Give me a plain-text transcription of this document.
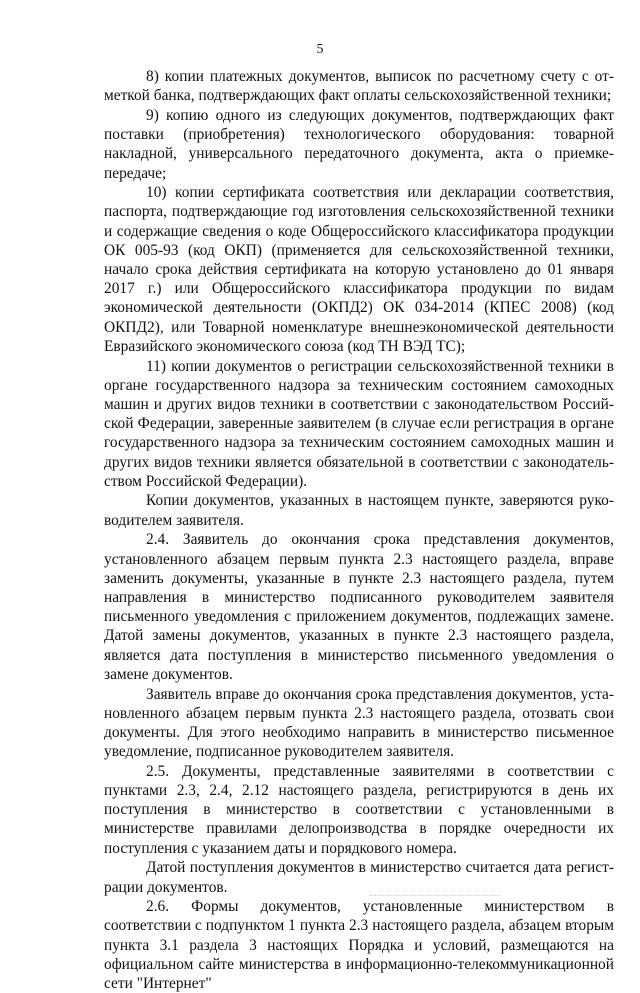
5

8) копии платежных документов, выписок по расчетному счету с отметкой банка, подтверждающих факт оплаты сельскохозяйственной техники;

9) копию одного из следующих документов, подтверждающих факт поставки (приобретения) технологического оборудования: товарной накладной, универсального передаточного документа, акта о приемке-передаче;

10) копии сертификата соответствия или декларации соответствия, паспорта, подтверждающие год изготовления сельскохозяйственной техники и содержащие сведения о коде Общероссийского классификатора продукции ОК 005-93 (код ОКП) (применяется для сельскохозяйственной техники, начало срока действия сертификата на которую установлено до 01 января 2017 г.) или Общероссийского классификатора продукции по видам экономической деятельности (ОКПД2) ОК 034-2014 (КПЕС 2008) (код ОКПД2), или Товарной номенклатуре внешнеэкономической деятельности Евразийского экономического союза (код ТН ВЭД ТС);

11) копии документов о регистрации сельскохозяйственной техники в органе государственного надзора за техническим состоянием самоходных машин и других видов техники в соответствии с законодательством Российской Федерации, заверенные заявителем (в случае если регистрация в органе государственного надзора за техническим состоянием самоходных машин и других видов техники является обязательной в соответствии с законодательством Российской Федерации).

Копии документов, указанных в настоящем пункте, заверяются руководителем заявителя.

2.4. Заявитель до окончания срока представления документов, установленного абзацем первым пункта 2.3 настоящего раздела, вправе заменить документы, указанные в пункте 2.3 настоящего раздела, путем направления в министерство подписанного руководителем заявителя письменного уведомления с приложением документов, подлежащих замене. Датой замены документов, указанных в пункте 2.3 настоящего раздела, является дата поступления в министерство письменного уведомления о замене документов.

Заявитель вправе до окончания срока представления документов, установленного абзацем первым пункта 2.3 настоящего раздела, отозвать свои документы. Для этого необходимо направить в министерство письменное уведомление, подписанное руководителем заявителя.

2.5. Документы, представленные заявителями в соответствии с пунктами 2.3, 2.4, 2.12 настоящего раздела, регистрируются в день их поступления в министерство в соответствии с установленными в министерстве правилами делопроизводства в порядке очередности их поступления с указанием даты и порядкового номера.

Датой поступления документов в министерство считается дата регистрации документов.

2.6. Формы документов, установленные министерством в соответствии с подпунктом 1 пункта 2.3 настоящего раздела, абзацем вторым пункта 3.1 раздела 3 настоящих Порядка и условий, размещаются на официальном сайте министерства в информационно-телекоммуникационной сети "Интернет"
